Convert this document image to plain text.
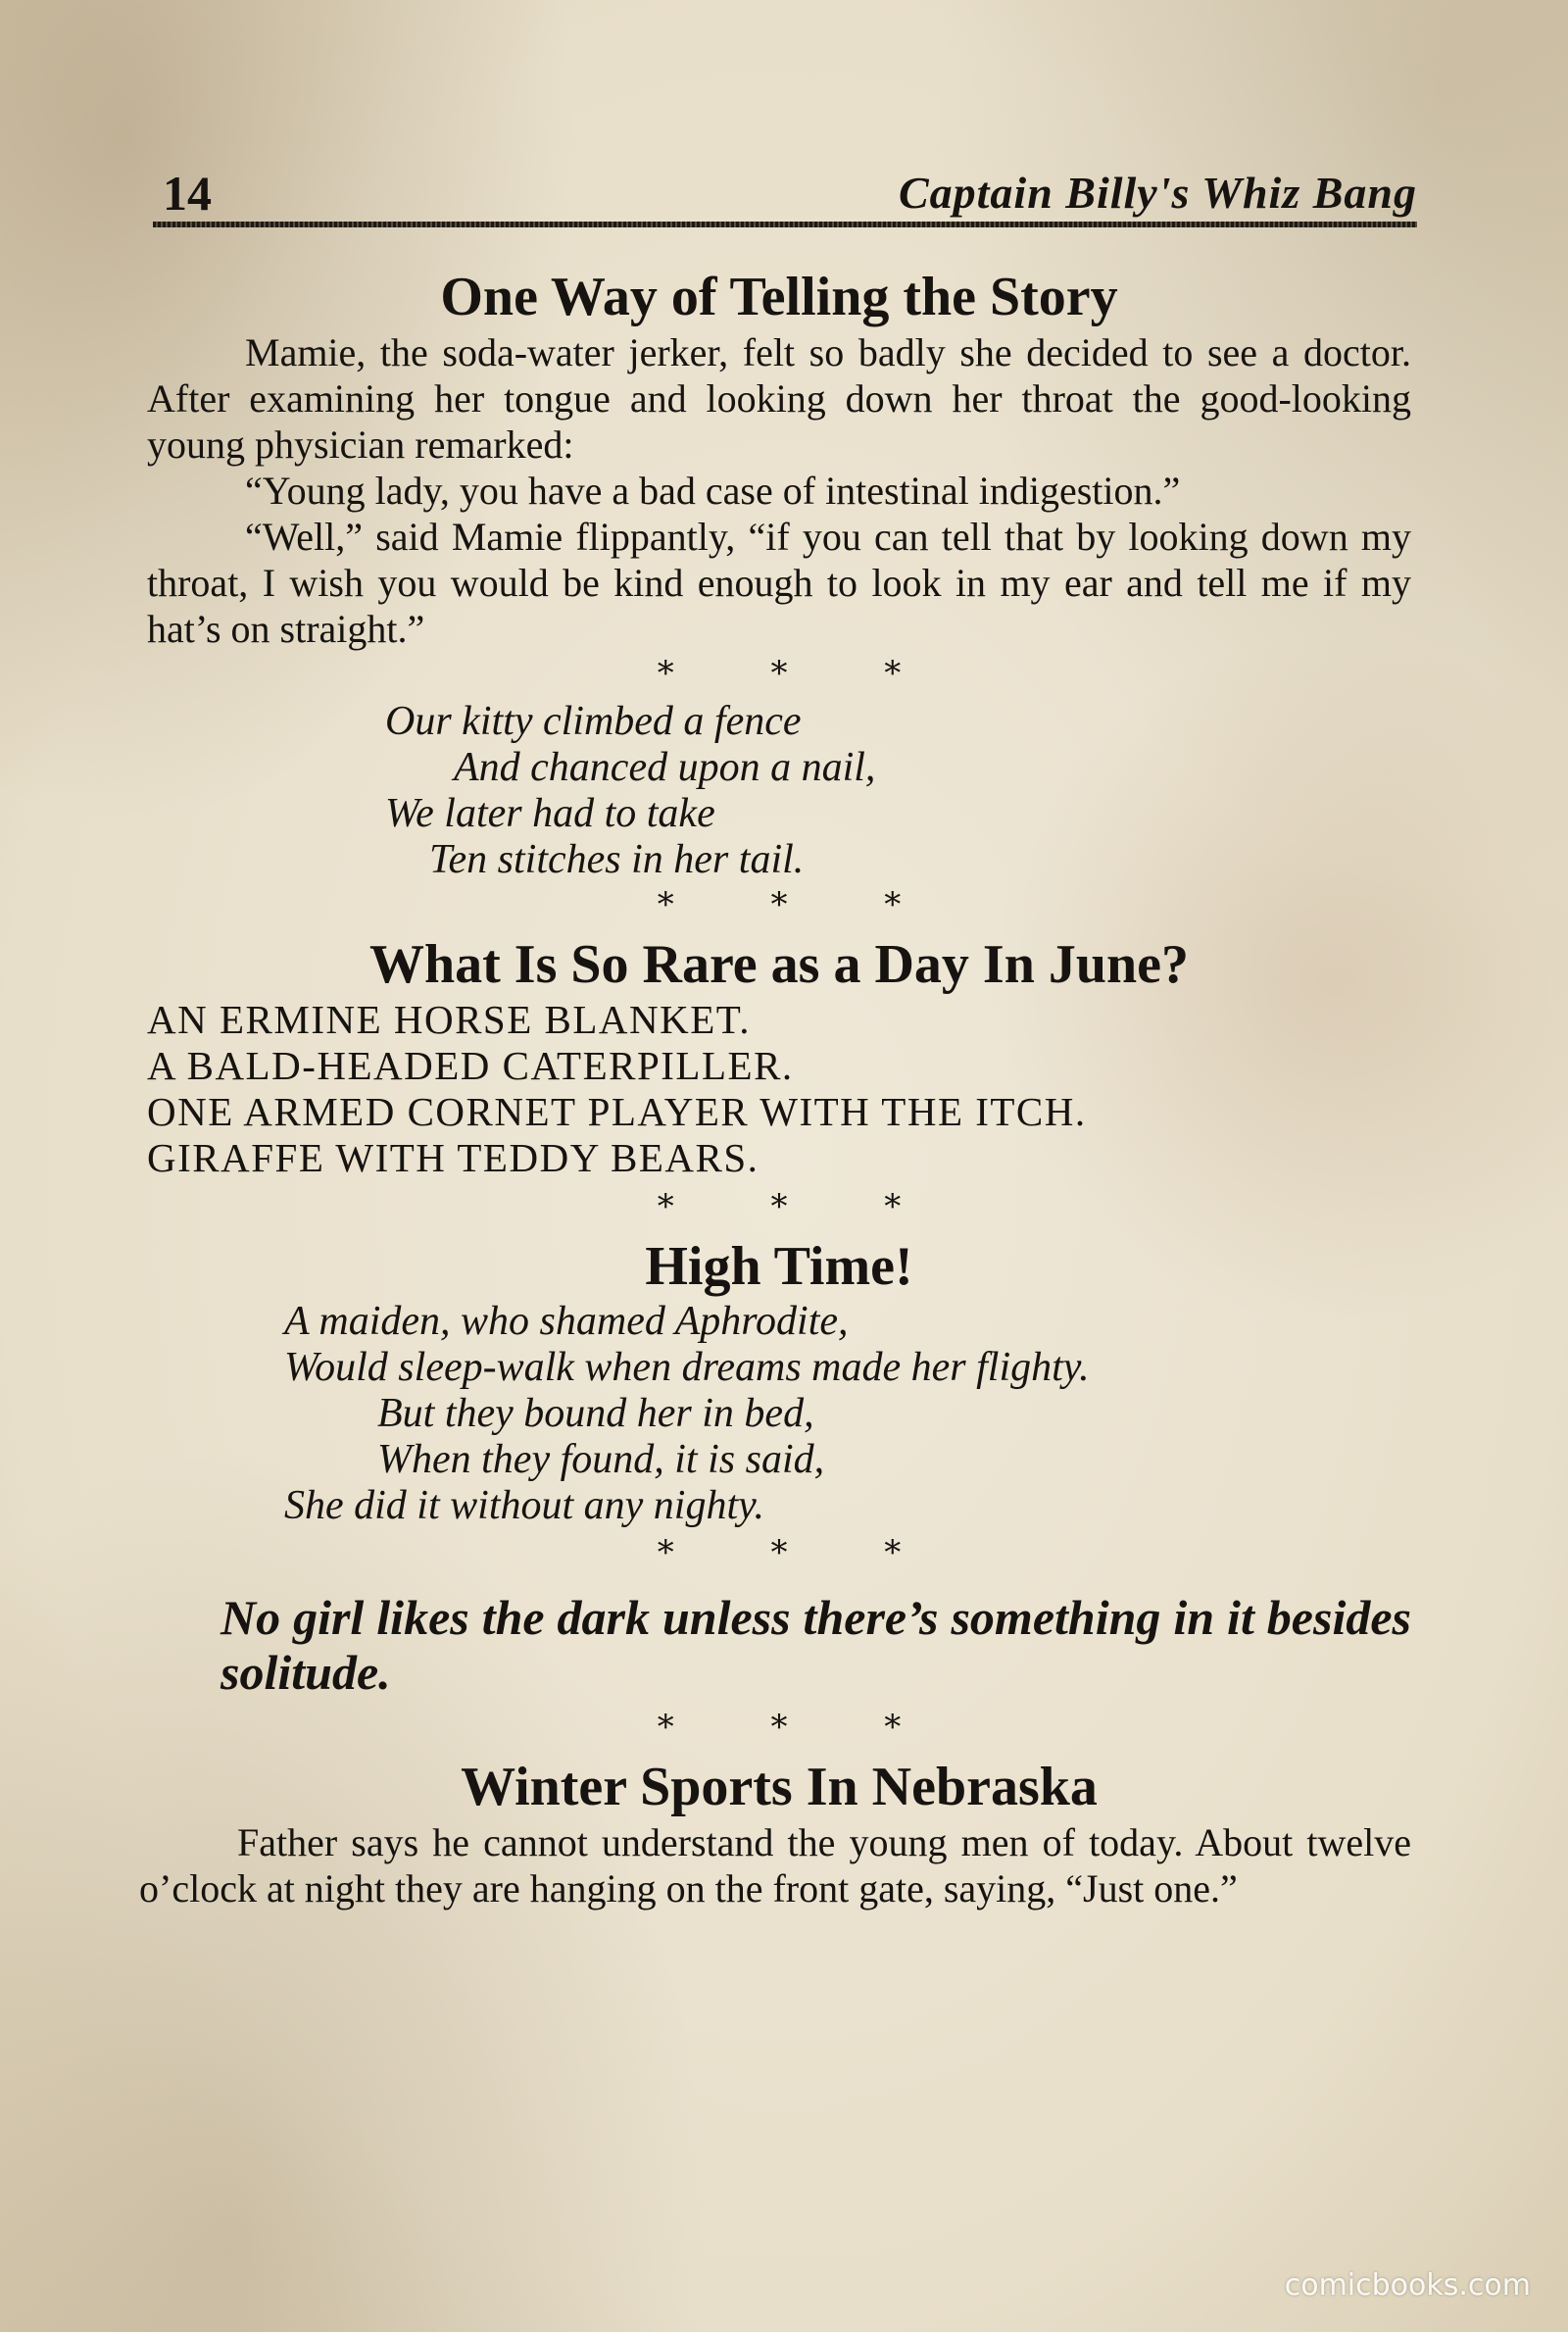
14	Captain Billy's Whiz Bang
One Way of Telling the Story

Mamie, the soda-water jerker, felt so badly she decided to see a doctor. After examining her tongue and looking down her throat the good-looking young physician remarked:

“Young lady, you have a bad case of intestinal indigestion.”

“Well,” said Mamie flippantly, “if you can tell that by looking down my throat, I wish you would be kind enough to look in my ear and tell me if my hat’s on straight.”

* * *
Our kitty climbed a fence
And chanced upon a nail,
We later had to take
Ten stitches in her tail.
* * *
What Is So Rare as a Day In June?
AN ERMINE HORSE BLANKET.
A BALD-HEADED CATERPILLER.
ONE ARMED CORNET PLAYER WITH THE ITCH.
GIRAFFE WITH TEDDY BEARS.
* * *
High Time!
A maiden, who shamed Aphrodite,
Would sleep-walk when dreams made her flighty.
But they bound her in bed,
When they found, it is said,
She did it without any nighty.
* * *

No girl likes the dark unless there’s something in it besides solitude.

* * *
Winter Sports In Nebraska

Father says he cannot understand the young men of today. About twelve o’clock at night they are hanging on the front gate, saying, “Just one.”

comicbooks.com
